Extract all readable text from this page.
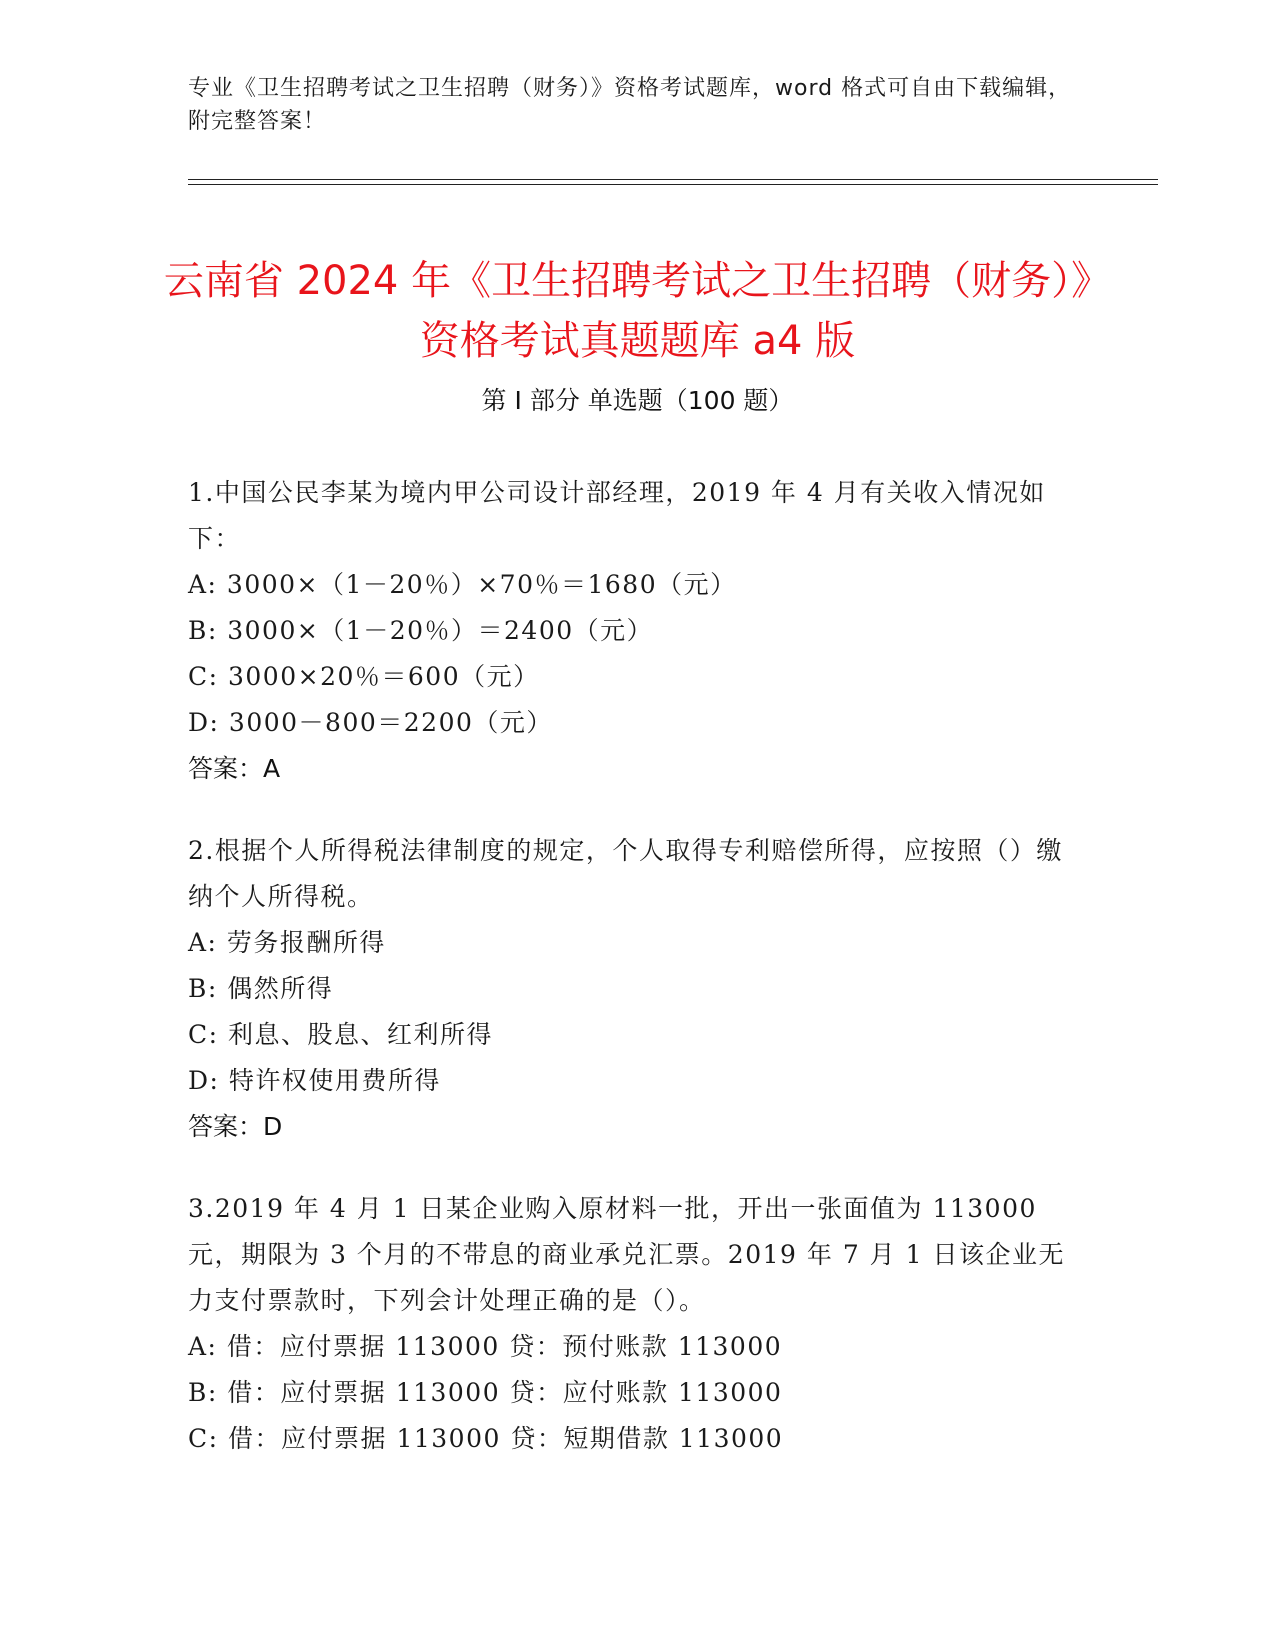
专业《卫生招聘考试之卫生招聘（财务）》资格考试题库，word 格式可自由下载编辑，附完整答案！
云南省 2024 年《卫生招聘考试之卫生招聘（财务）》资格考试真题题库 a4 版
第 I 部分 单选题（100 题）

1.中国公民李某为境内甲公司设计部经理，2019 年 4 月有关收入情况如下：

A: 3000×（1－20％）×70％＝1680（元）

B: 3000×（1－20％）＝2400（元）

C: 3000×20％＝600（元）

D: 3000－800＝2200（元）

答案：A

2.根据个人所得税法律制度的规定，个人取得专利赔偿所得，应按照（）缴纳个人所得税。

A: 劳务报酬所得

B: 偶然所得

C: 利息、股息、红利所得

D: 特许权使用费所得

答案：D

3.2019 年 4 月 1 日某企业购入原材料一批，开出一张面值为 113000 元，期限为 3 个月的不带息的商业承兑汇票。2019 年 7 月 1 日该企业无力支付票款时，下列会计处理正确的是（）。

A: 借：应付票据 113000 贷：预付账款 113000

B: 借：应付票据 113000 贷：应付账款 113000

C: 借：应付票据 113000 贷：短期借款 113000
